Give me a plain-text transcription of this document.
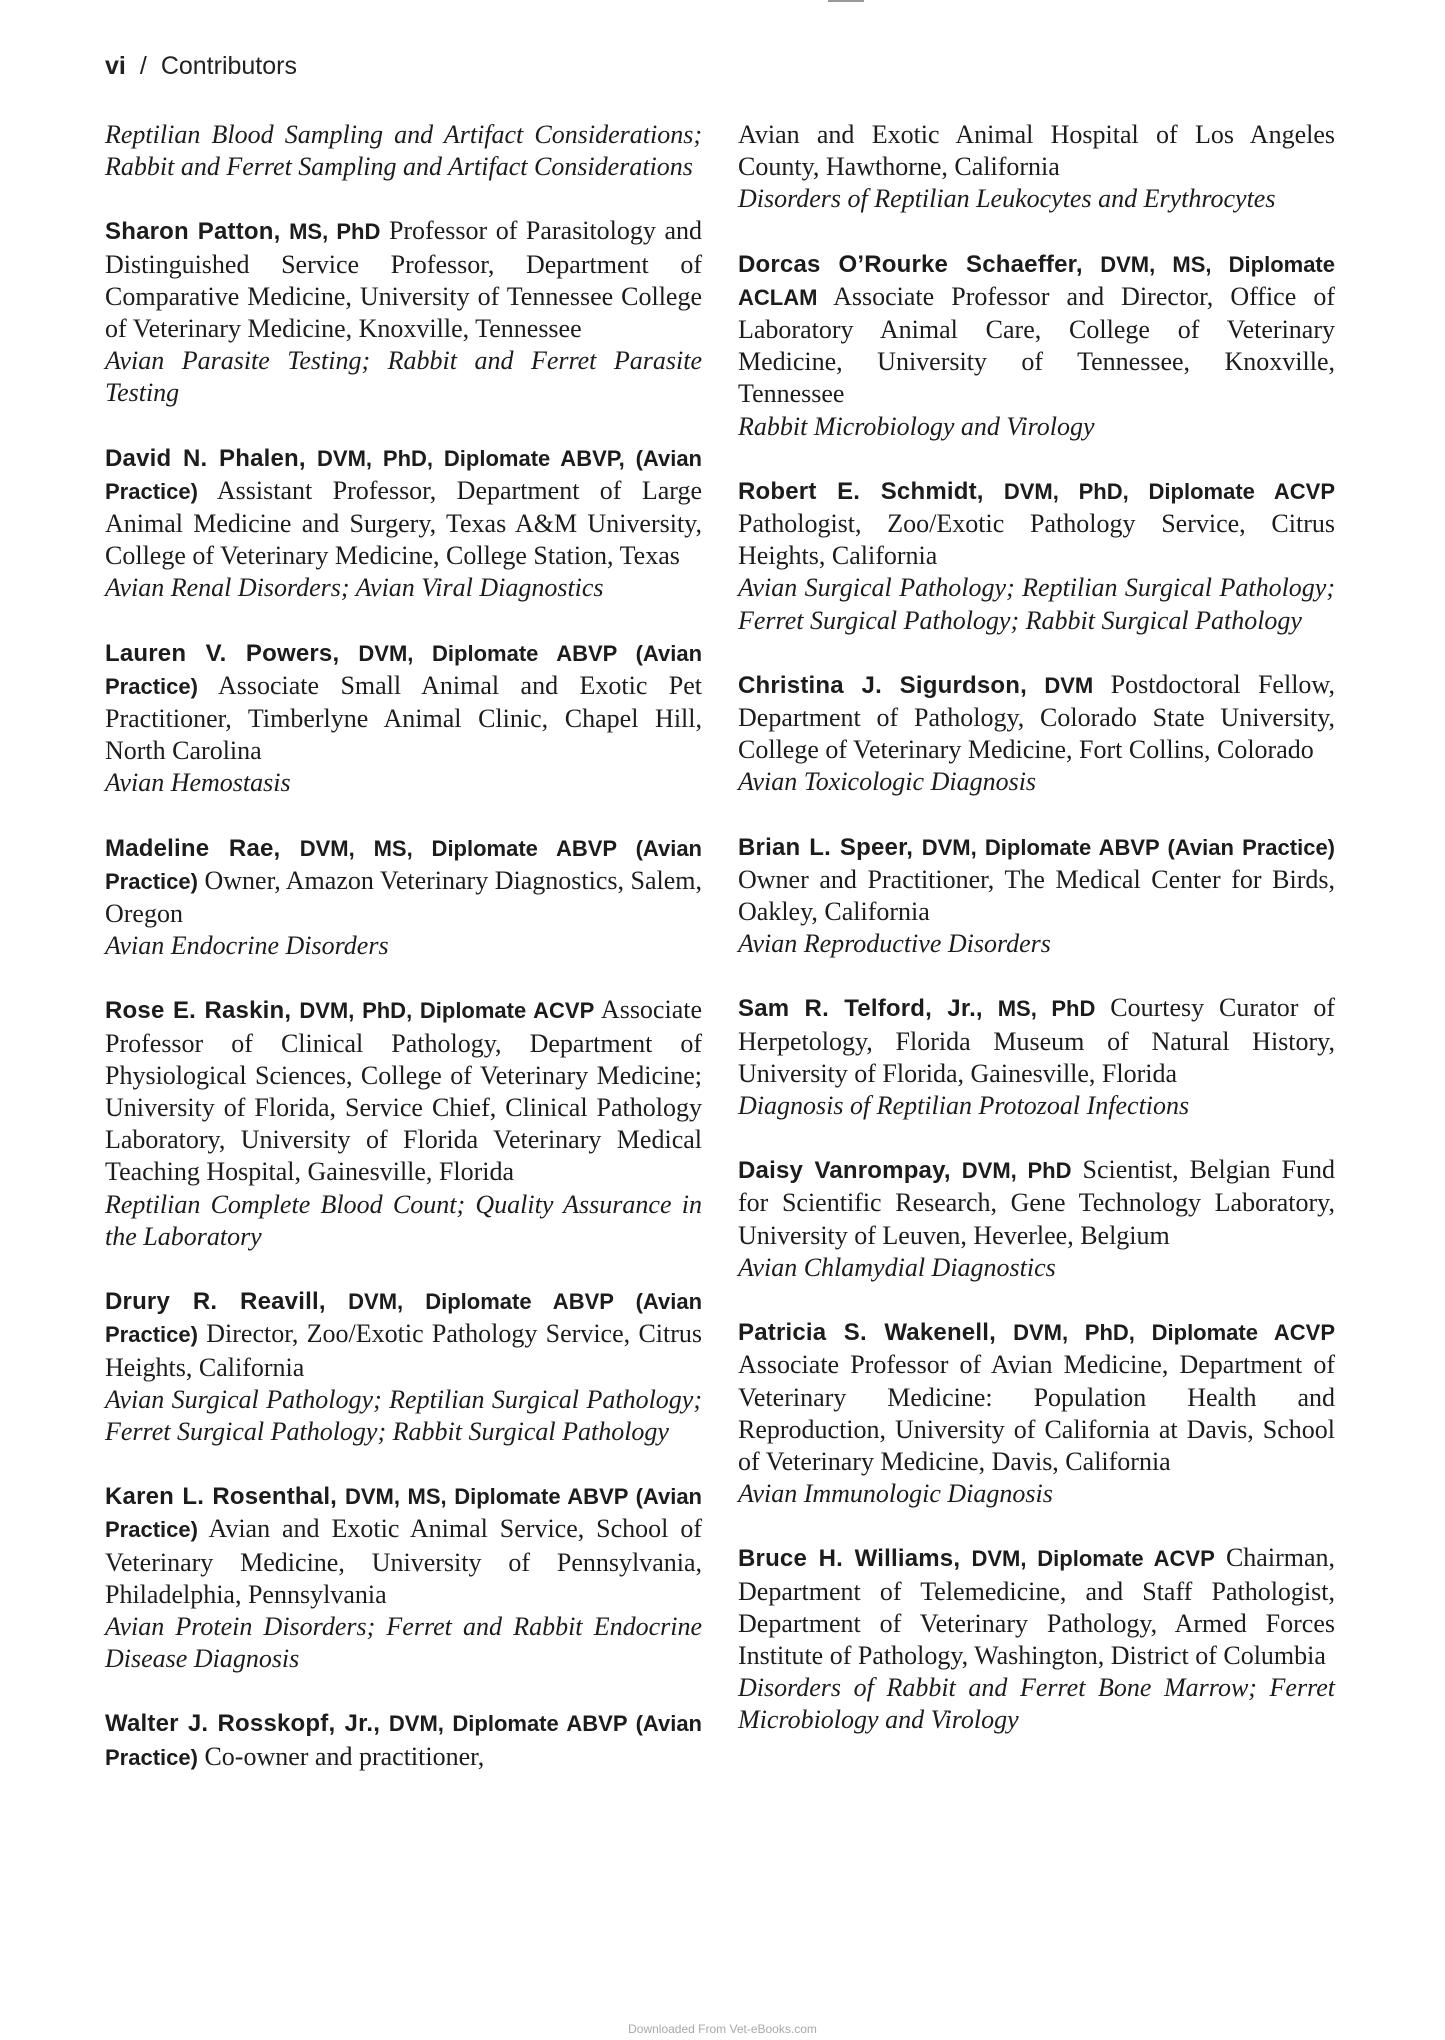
vi / Contributors

Reptilian Blood Sampling and Artifact Considerations; Rabbit and Ferret Sampling and Artifact Considerations

Sharon Patton, MS, PhD Professor of Parasitology and Distinguished Service Professor, Department of Comparative Medicine, University of Tennessee College of Veterinary Medicine, Knoxville, Tennessee

Avian Parasite Testing; Rabbit and Ferret Parasite Testing

David N. Phalen, DVM, PhD, Diplomate ABVP, (Avian Practice) Assistant Professor, Department of Large Animal Medicine and Surgery, Texas A&M University, College of Veterinary Medicine, College Station, Texas

Avian Renal Disorders; Avian Viral Diagnostics

Lauren V. Powers, DVM, Diplomate ABVP (Avian Practice) Associate Small Animal and Exotic Pet Practitioner, Timberlyne Animal Clinic, Chapel Hill, North Carolina

Avian Hemostasis

Madeline Rae, DVM, MS, Diplomate ABVP (Avian Practice) Owner, Amazon Veterinary Diagnostics, Salem, Oregon

Avian Endocrine Disorders

Rose E. Raskin, DVM, PhD, Diplomate ACVP Associate Professor of Clinical Pathology, Department of Physiological Sciences, College of Veterinary Medicine; University of Florida, Service Chief, Clinical Pathology Laboratory, University of Florida Veterinary Medical Teaching Hospital, Gainesville, Florida

Reptilian Complete Blood Count; Quality Assurance in the Laboratory

Drury R. Reavill, DVM, Diplomate ABVP (Avian Practice) Director, Zoo/Exotic Pathology Service, Citrus Heights, California

Avian Surgical Pathology; Reptilian Surgical Pathology; Ferret Surgical Pathology; Rabbit Surgical Pathology

Karen L. Rosenthal, DVM, MS, Diplomate ABVP (Avian Practice) Avian and Exotic Animal Service, School of Veterinary Medicine, University of Pennsylvania, Philadelphia, Pennsylvania

Avian Protein Disorders; Ferret and Rabbit Endocrine Disease Diagnosis

Walter J. Rosskopf, Jr., DVM, Diplomate ABVP (Avian Practice) Co-owner and practitioner,

Avian and Exotic Animal Hospital of Los Angeles County, Hawthorne, California

Disorders of Reptilian Leukocytes and Erythrocytes

Dorcas O’Rourke Schaeffer, DVM, MS, Diplomate ACLAM Associate Professor and Director, Office of Laboratory Animal Care, College of Veterinary Medicine, University of Tennessee, Knoxville, Tennessee

Rabbit Microbiology and Virology

Robert E. Schmidt, DVM, PhD, Diplomate ACVP Pathologist, Zoo/Exotic Pathology Service, Citrus Heights, California

Avian Surgical Pathology; Reptilian Surgical Pathology; Ferret Surgical Pathology; Rabbit Surgical Pathology

Christina J. Sigurdson, DVM Postdoctoral Fellow, Department of Pathology, Colorado State University, College of Veterinary Medicine, Fort Collins, Colorado

Avian Toxicologic Diagnosis

Brian L. Speer, DVM, Diplomate ABVP (Avian Practice) Owner and Practitioner, The Medical Center for Birds, Oakley, California

Avian Reproductive Disorders

Sam R. Telford, Jr., MS, PhD Courtesy Curator of Herpetology, Florida Museum of Natural History, University of Florida, Gainesville, Florida

Diagnosis of Reptilian Protozoal Infections

Daisy Vanrompay, DVM, PhD Scientist, Belgian Fund for Scientific Research, Gene Technology Laboratory, University of Leuven, Heverlee, Belgium

Avian Chlamydial Diagnostics

Patricia S. Wakenell, DVM, PhD, Diplomate ACVP Associate Professor of Avian Medicine, Department of Veterinary Medicine: Population Health and Reproduction, University of California at Davis, School of Veterinary Medicine, Davis, California

Avian Immunologic Diagnosis

Bruce H. Williams, DVM, Diplomate ACVP Chairman, Department of Telemedicine, and Staff Pathologist, Department of Veterinary Pathology, Armed Forces Institute of Pathology, Washington, District of Columbia

Disorders of Rabbit and Ferret Bone Marrow; Ferret Microbiology and Virology

Downloaded From Vet-eBooks.com
